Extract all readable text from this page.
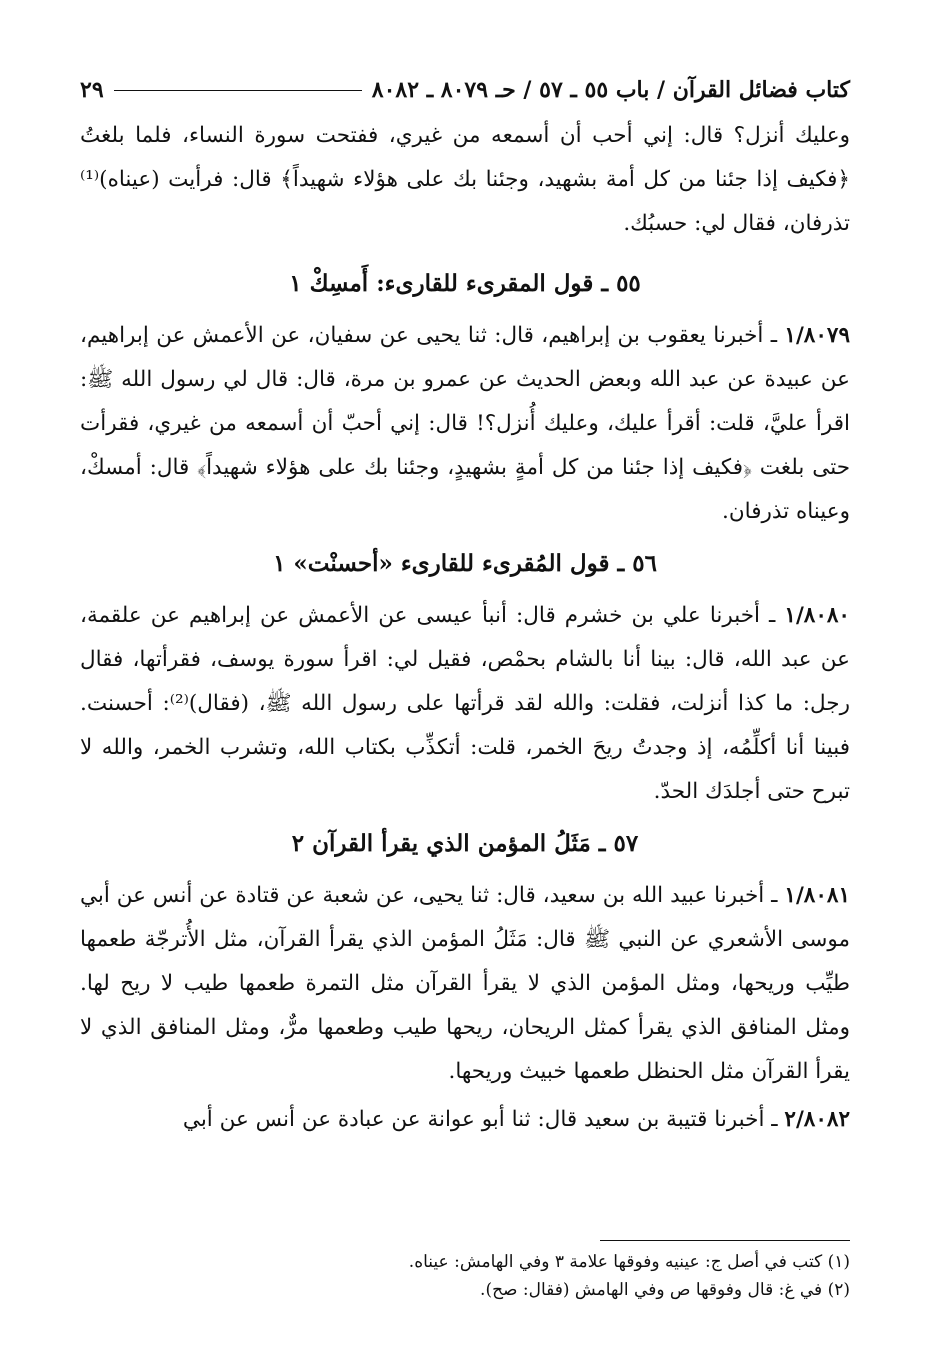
كتاب فضائل القرآن / باب ٥٥ ـ ٥٧ / حـ ٨٠٧٩ ـ ٨٠٨٢
٢٩

وعليك أنزل؟ قال: إني أحب أن أسمعه من غيري، ففتحت سورة النساء، فلما بلغتُ ﴿فكيف إذا جئنا من كل أمة بشهيد، وجئنا بك على هؤلاء شهيداً﴾ قال: فرأيت (عيناه)⁽¹⁾ تذرفان، فقال لي: حسبُك.

٥٥ ـ قول المقرىء للقارىء: أَمسِكْ ١

١/٨٠٧٩ ـ أخبرنا يعقوب بن إبراهيم، قال: ثنا يحيى عن سفيان، عن الأعمش عن إبراهيم، عن عبيدة عن عبد الله وبعض الحديث عن عمرو بن مرة، قال: قال لي رسول الله ﷺ: اقرأ عليَّ، قلت: أقرأ عليك، وعليك أُنزل؟! قال: إني أحبّ أن أسمعه من غيري، فقرأت حتى بلغت ﴿فكيف إذا جئنا من كل أمةٍ بشهيدٍ، وجئنا بك على هؤلاء شهيداً﴾ قال: أمسكْ، وعيناه تذرفان.

٥٦ ـ قول المُقرىء للقارىء «أحسنْت» ١

١/٨٠٨٠ ـ أخبرنا علي بن خشرم قال: أنبأ عيسى عن الأعمش عن إبراهيم عن علقمة، عن عبد الله، قال: بينا أنا بالشام بحمْص، فقيل لي: اقرأ سورة يوسف، فقرأتها، فقال رجل: ما كذا أنزلت، فقلت: والله لقد قرأتها على رسول الله ﷺ، (فقال)⁽²⁾: أحسنت. فبينا أنا أكلِّمُه، إذ وجدتُ ريحَ الخمر، قلت: أتكذِّب بكتاب الله، وتشرب الخمر، والله لا تبرح حتى أجلدَك الحدّ.

٥٧ ـ مَثَلُ المؤمن الذي يقرأ القرآن ٢

١/٨٠٨١ ـ أخبرنا عبيد الله بن سعيد، قال: ثنا يحيى، عن شعبة عن قتادة عن أنس عن أبي موسى الأشعري عن النبي ﷺ قال: مَثَلُ المؤمن الذي يقرأ القرآن، مثل الأُترجّة طعمها طيِّب وريحها، ومثل المؤمن الذي لا يقرأ القرآن مثل التمرة طعمها طيب لا ريح لها. ومثل المنافق الذي يقرأ كمثل الريحان، ريحها طيب وطعمها مرٌّ، ومثل المنافق الذي لا يقرأ القرآن مثل الحنظل طعمها خبيث وريحها.

٢/٨٠٨٢ ـ أخبرنا قتيبة بن سعيد قال: ثنا أبو عوانة عن عبادة عن أنس عن أبي

(١) كتب في أصل ج: عينيه وفوقها علامة ٣ وفي الهامش: عيناه.
(٢) في غ: قال وفوقها ص وفي الهامش (فقال: صح).
